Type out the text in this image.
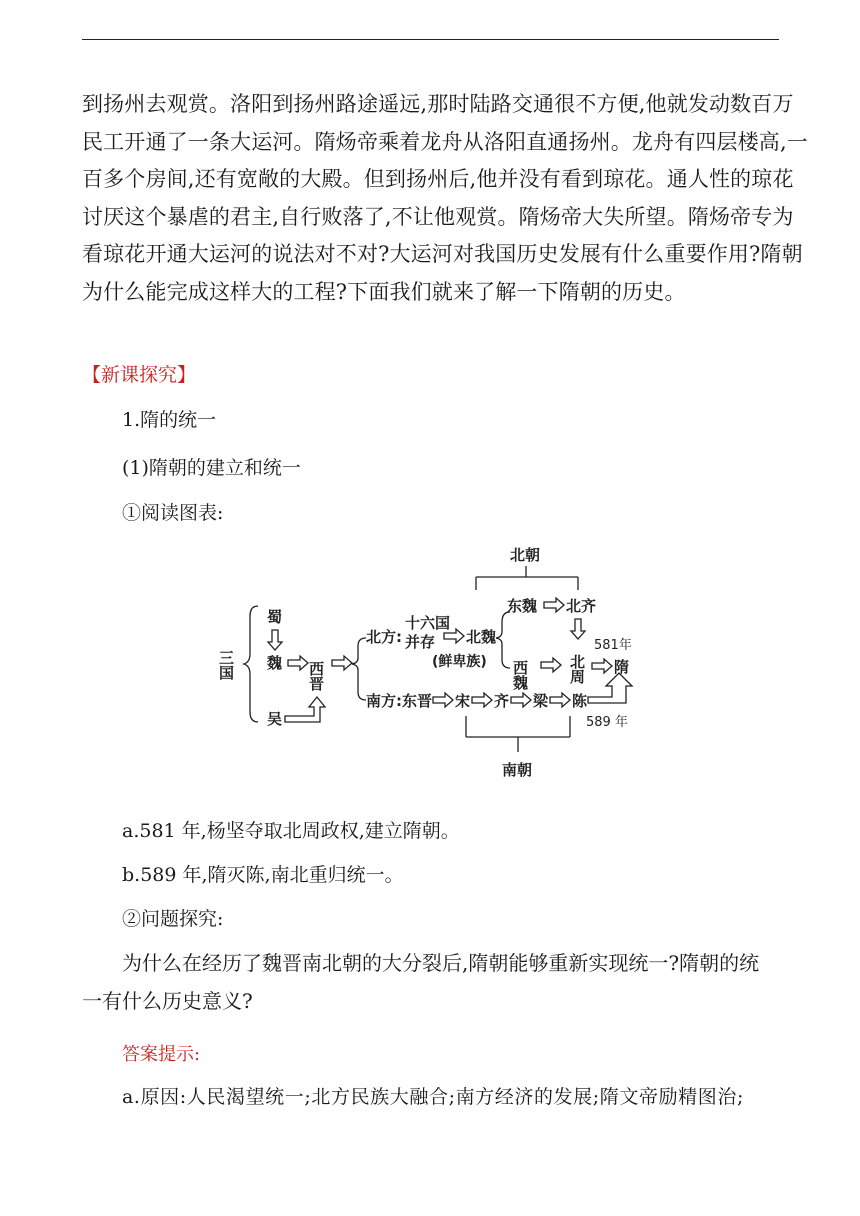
到扬州去观赏。洛阳到扬州路途遥远,那时陆路交通很不方便,他就发动数百万
民工开通了一条大运河。隋炀帝乘着龙舟从洛阳直通扬州。龙舟有四层楼高,一
百多个房间,还有宽敞的大殿。但到扬州后,他并没有看到琼花。通人性的琼花
讨厌这个暴虐的君主,自行败落了,不让他观赏。隋炀帝大失所望。隋炀帝专为
看琼花开通大运河的说法对不对?大运河对我国历史发展有什么重要作用?隋朝
为什么能完成这样大的工程?下面我们就来了解一下隋朝的历史。
【新课探究】
1.隋的统一
(1)隋朝的建立和统一
①阅读图表:
北朝
三国
蜀
魏
吴
西晋
北方:
十六国
并存 北魏
(鲜卑族)
东魏 北齐
西魏	北周
581年
隋
南方: 东晋 宋 齐 梁 陈
589 年
南朝
a.581 年,杨坚夺取北周政权,建立隋朝。
b.589 年,隋灭陈,南北重归统一。
②问题探究:
为什么在经历了魏晋南北朝的大分裂后,隋朝能够重新实现统一?隋朝的统
一有什么历史意义?
答案提示:
a.原因:人民渴望统一;北方民族大融合;南方经济的发展;隋文帝励精图治;
